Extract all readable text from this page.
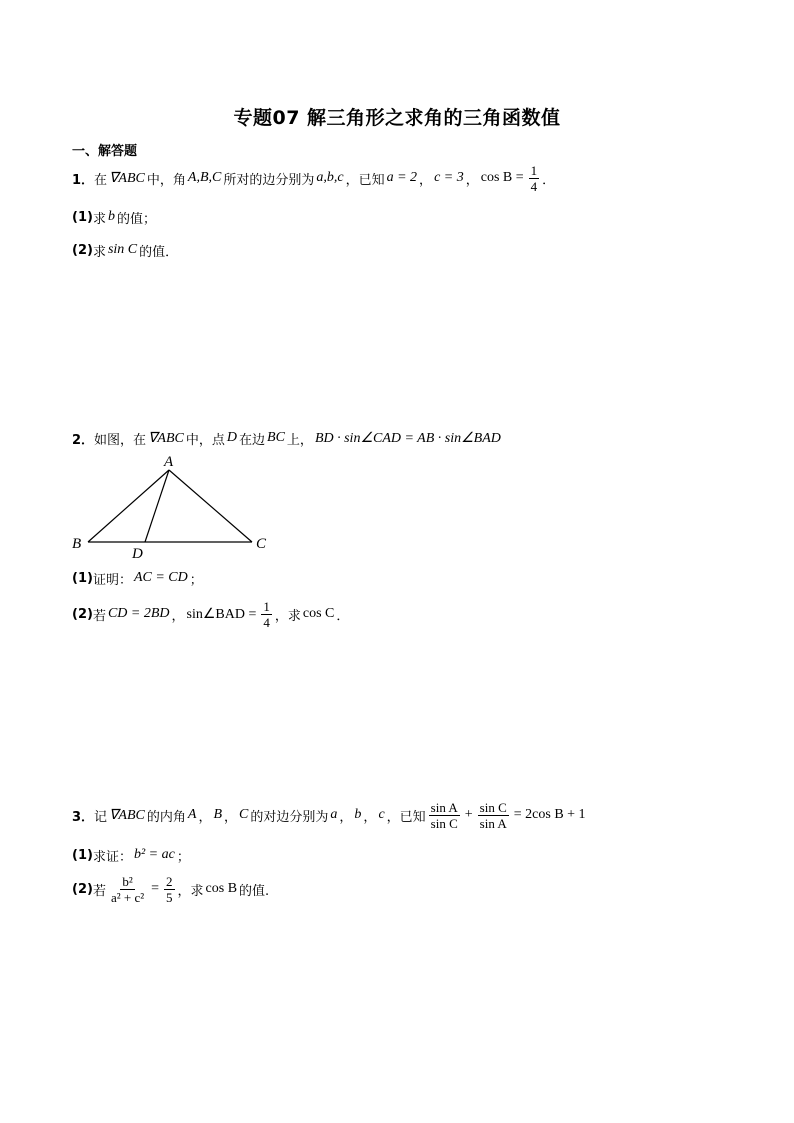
专题07 解三角形之求角的三角函数值
一、解答题
1． 在 ∇ABC 中，角 A,B,C 所对的边分别为 a,b,c ，已知 a = 2 ， c = 3 ， $\cos B = \frac{1}{4}$ ．
(1) 求 b 的值；
(2) 求 sin C 的值．
2． 如图，在 ∇ABC 中，点 D 在边 BC 上， BD · sin∠CAD = AB · sin∠BAD
A
B	C
D
(1) 证明： AC = CD ；
(2) 若 CD = 2BD ， sin∠BAD = $\frac{1}{4}$ ，求 cos C ．
3． 记 ∇ABC 的内角 A ， B ， C 的对边分别为 a ， b ， c ，已知 $\frac{\text{sin A}}{\text{sin C}} + \frac{\text{sin C}}{\text{sin A}} = 2\cos$ B + 1
(1) 求证： b² = ac ；
(2) 若 $\frac{\text{b²}}{\text{a² + c²}} = \frac{2}{5}$ ，求 cos B 的值.
